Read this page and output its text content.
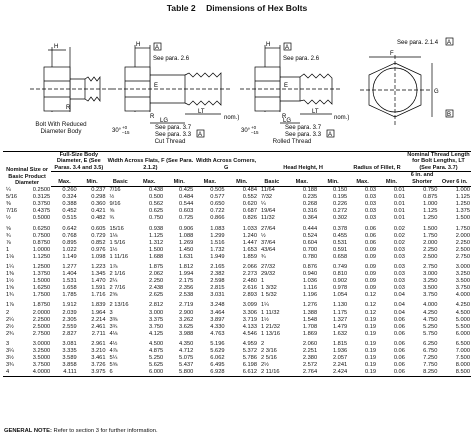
Table 2 Dimensions of Hex Bolts
H
R
H A
See para. 2.6
E
R
LT
LG	nom.)
See para. 3.7
See para. 3.3 A
30°
+0
–15
H A
See para. 2.6
E
R
LT
LG	nom.)
See para. 3.7
See para. 3.3 A
30°
+0
–15
F
See para. 2.1.4 A
G
B
Bolt With Reduced Diameter Body
Cut Thread	Rolled Thread
Nominal Size or Basic Product Diameter		Full-Size Body Diameter, E (See Paras. 3.4 and 3.5)		Width Across Flats, F (See Para. 2.1.2)			Width Across Corners, G		Head Height, H			Radius of Fillet, R		Nominal Thread Length for Bolt Lengths, LT (See Para. 3.7)	
		Max.	Min.	Basic	Max.	Min.	Max.	Min.	Basic	Max.	Min.	Max.	Min.	6 in. and Shorter	Over 6 in.
¼	0.2500	0.260	0.237	7/16	0.438	0.425	0.505	0.484	11/64	0.188	0.150	0.03	0.01	0.750	1.000
5/16	0.3125	0.324	0.298	½	0.500	0.484	0.577	0.552	7/32	0.235	0.195	0.03	0.01	0.875	1.125
⅜	0.3750	0.388	0.360	9/16	0.562	0.544	0.650	0.620	¼	0.268	0.226	0.03	0.01	1.000	1.250
7/16	0.4375	0.452	0.421	⅝	0.625	0.603	0.722	0.687	19/64	0.316	0.272	0.03	0.01	1.125	1.375
½	0.5000	0.515	0.482	¾	0.750	0.725	0.866	0.826	11/32	0.364	0.302	0.03	0.01	1.250	1.500

⅝	0.6250	0.642	0.605	15/16	0.938	0.906	1.083	1.033	27/64	0.444	0.378	0.06	0.02	1.500	1.750
¾	0.7500	0.768	0.729	1⅛	1.125	1.088	1.299	1.240	½	0.524	0.455	0.06	0.02	1.750	2.000
⅞	0.8750	0.895	0.852	1 5/16	1.312	1.269	1.516	1.447	37/64	0.604	0.531	0.06	0.02	2.000	2.250
1	1.0000	1.022	0.976	1½	1.500	1.450	1.732	1.653	43/64	0.700	0.591	0.09	0.03	2.250	2.500
1⅛	1.1250	1.149	1.098	1 11/16	1.688	1.631	1.949	1.859	¾	0.780	0.658	0.09	0.03	2.500	2.750

1¼	1.2500	1.277	1.223	1⅞	1.875	1.812	2.165	2.066	27/32	0.876	0.749	0.09	0.03	2.750	3.000
1⅜	1.3750	1.404	1.345	2 1/16	2.062	1.994	2.382	2.273	29/32	0.940	0.810	0.09	0.03	3.000	3.250
1½	1.5000	1.531	1.470	2¼	2.250	2.175	2.598	2.480	1	1.036	0.902	0.09	0.03	3.250	3.500
1⅝	1.6250	1.658	1.591	2 7/16	2.438	2.356	2.815	2.616	1 3/32	1.116	0.978	0.09	0.03	3.500	3.750
1¾	1.7500	1.785	1.716	2⅝	2.625	2.538	3.031	2.893	1 5/32	1.196	1.054	0.12	0.04	3.750	4.000

1⅞	1.8750	1.912	1.839	2 13/16	2.812	2.719	3.248	3.099	1¼	1.276	1.130	0.12	0.04	4.000	4.250
2	2.0000	2.039	1.964	3	3.000	2.900	3.464	3.306	1 11/32	1.388	1.175	0.12	0.04	4.250	4.500
2¼	2.2500	2.305	2.214	3⅜	3.375	3.262	3.897	3.719	1½	1.548	1.327	0.19	0.06	4.750	5.000
2½	2.5000	2.559	2.461	3¾	3.750	3.625	4.330	4.133	1 21/32	1.708	1.479	0.19	0.06	5.250	5.500
2¾	2.7500	2.827	2.711	4⅛	4.125	3.988	4.763	4.546	1 13/16	1.869	1.632	0.19	0.06	5.750	6.000

3	3.0000	3.081	2.961	4½	4.500	4.350	5.196	4.959	2	2.060	1.815	0.19	0.06	6.250	6.500
3¼	3.2500	3.335	3.210	4⅞	4.875	4.712	5.629	5.372	2 3/16	2.251	1.936	0.19	0.06	6.750	7.000
3½	3.5000	3.589	3.461	5¼	5.250	5.075	6.062	5.786	2 5/16	2.380	2.057	0.19	0.06	7.250	7.500
3¾	3.7500	3.858	3.726	5⅝	5.625	5.437	6.495	6.198	2½	2.572	2.241	0.19	0.06	7.750	8.000
4	4.0000	4.111	3.975	6	6.000	5.800	6.928	6.612	2 11/16	2.764	2.424	0.19	0.06	8.250	8.500
GENERAL NOTE: Refer to section 3 for further information.
